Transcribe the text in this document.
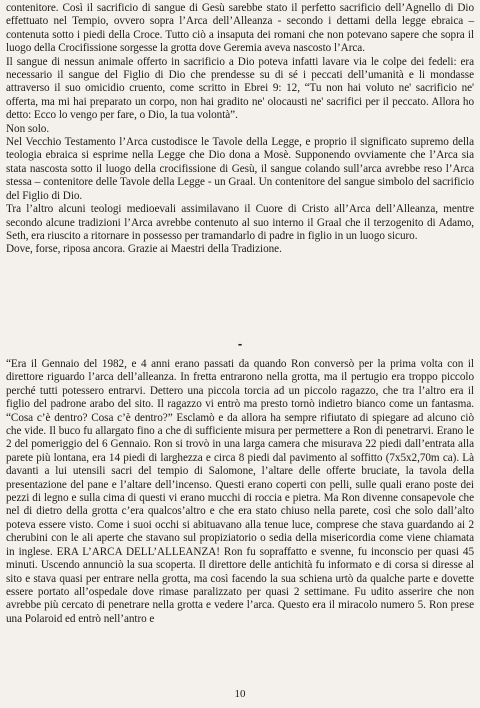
contenitore. Così il sacrificio di sangue di Gesù sarebbe stato il perfetto sacrificio dell’Agnello di Dio effettuato nel Tempio, ovvero sopra l’Arca dell’Alleanza - secondo i dettami della legge ebraica – contenuta sotto i piedi della Croce. Tutto ciò a insaputa dei romani che non potevano sapere che sopra il luogo della Crocifissione sorgesse la grotta dove Geremia aveva nascosto l’Arca.

Il sangue di nessun animale offerto in sacrificio a Dio poteva infatti lavare via le colpe dei fedeli: era necessario il sangue del Figlio di Dio che prendesse su di sé i peccati dell’umanità e li mondasse attraverso il suo omicidio cruento, come scritto in Ebrei 9: 12, “Tu non hai voluto ne' sacrificio ne' offerta, ma mi hai preparato un corpo, non hai gradito ne' olocausti ne' sacrifici per il peccato. Allora ho detto: Ecco lo vengo per fare, o Dio, la tua volontà”.

Non solo.

Nel Vecchio Testamento l’Arca custodisce le Tavole della Legge, e proprio il significato supremo della teologia ebraica si esprime nella Legge che Dio dona a Mosè. Supponendo ovviamente che l’Arca sia stata nascosta sotto il luogo della crocifissione di Gesù, il sangue colando sull’arca avrebbe reso l’Arca stessa – contenitore delle Tavole della Legge - un Graal. Un contenitore del sangue simbolo del sacrificio del Figlio di Dio.

Tra l’altro alcuni teologi medioevali assimilavano il Cuore di Cristo all’Arca dell’Alleanza, mentre secondo alcune tradizioni l’Arca avrebbe contenuto al suo interno il Graal che il terzogenito di Adamo, Seth, era riuscito a ritornare in possesso per tramandarlo di padre in figlio in un luogo sicuro.

Dove, forse, riposa ancora. Grazie ai Maestri della Tradizione.

-

“Era il Gennaio del 1982, e 4 anni erano passati da quando Ron conversò per la prima volta con il direttore riguardo l’arca dell’alleanza. In fretta entrarono nella grotta, ma il pertugio era troppo piccolo perché tutti potessero entrarvi. Dettero una piccola torcia ad un piccolo ragazzo, che tra l’altro era il figlio del padrone arabo del sito. Il ragazzo vi entrò ma presto tornò indietro bianco come un fantasma. “Cosa c’è dentro? Cosa c’è dentro?” Esclamò e da allora ha sempre rifiutato di spiegare ad alcuno ciò che vide. Il buco fu allargato fino a che di sufficiente misura per permettere a Ron di penetrarvi. Erano le 2 del pomeriggio del 6 Gennaio. Ron si trovò in una larga camera che misurava 22 piedi dall’entrata alla parete più lontana, era 14 piedi di larghezza e circa 8 piedi dal pavimento al soffitto (7x5x2,70m ca). Là davanti a lui utensili sacri del tempio di Salomone, l’altare delle offerte bruciate, la tavola della presentazione del pane e l’altare dell’incenso. Questi erano coperti con pelli, sulle quali erano poste dei pezzi di legno e sulla cima di questi vi erano mucchi di roccia e pietra. Ma Ron divenne consapevole che nel di dietro della grotta c’era qualcos’altro e che era stato chiuso nella parete, così che solo dall’alto poteva essere visto. Come i suoi occhi si abituavano alla tenue luce, comprese che stava guardando ai 2 cherubini con le ali aperte che stavano sul propiziatorio o sedia della misericordia come viene chiamata in inglese. ERA L’ARCA DELL’ALLEANZA! Ron fu sopraffatto e svenne, fu inconscio per quasi 45 minuti. Uscendo annunciò la sua scoperta. Il direttore delle antichità fu informato e di corsa si diresse al sito e stava quasi per entrare nella grotta, ma così facendo la sua schiena urtò da qualche parte e dovette essere portato all’ospedale dove rimase paralizzato per quasi 2 settimane. Fu udito asserire che non avrebbe più cercato di penetrare nella grotta e vedere l’arca. Questo era il miracolo numero 5. Ron prese una Polaroid ed entrò nell’antro e

10
